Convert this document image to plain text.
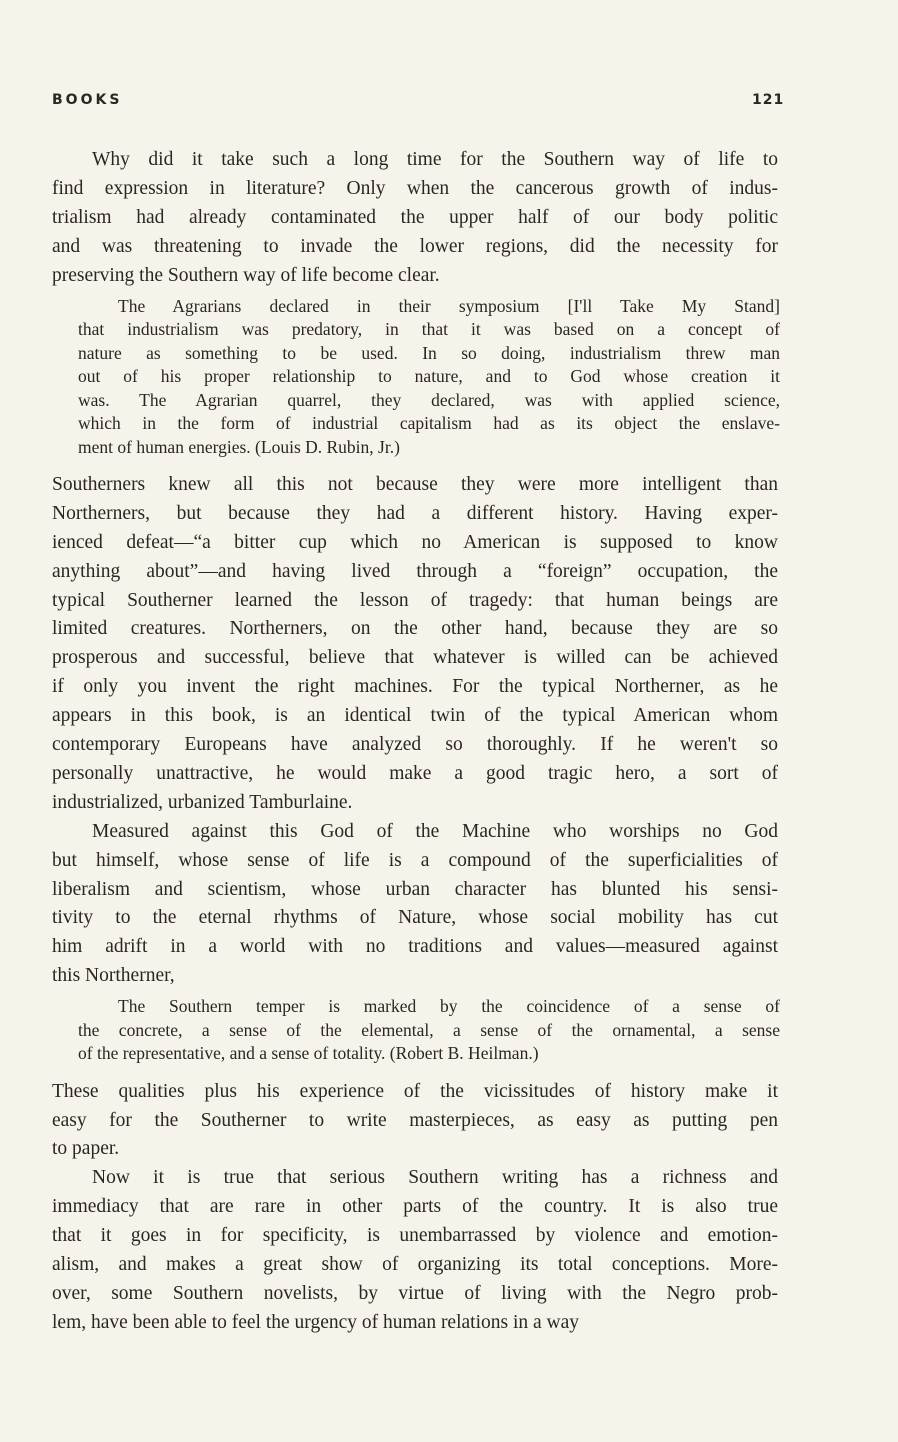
BOOKS	121
Why did it take such a long time for the Southern way of life to
find expression in literature? Only when the cancerous growth of indus-
trialism had already contaminated the upper half of our body politic
and was threatening to invade the lower regions, did the necessity for
preserving the Southern way of life become clear.
The Agrarians declared in their symposium [I'll Take My Stand]
that industrialism was predatory, in that it was based on a concept of
nature as something to be used. In so doing, industrialism threw man
out of his proper relationship to nature, and to God whose creation it
was. The Agrarian quarrel, they declared, was with applied science,
which in the form of industrial capitalism had as its object the enslave-
ment of human energies. (Louis D. Rubin, Jr.)
Southerners knew all this not because they were more intelligent than
Northerners, but because they had a different history. Having exper-
ienced defeat—“a bitter cup which no American is supposed to know
anything about”—and having lived through a “foreign” occupation, the
typical Southerner learned the lesson of tragedy: that human beings are
limited creatures. Northerners, on the other hand, because they are so
prosperous and successful, believe that whatever is willed can be achieved
if only you invent the right machines. For the typical Northerner, as he
appears in this book, is an identical twin of the typical American whom
contemporary Europeans have analyzed so thoroughly. If he weren't so
personally unattractive, he would make a good tragic hero, a sort of
industrialized, urbanized Tamburlaine.
Measured against this God of the Machine who worships no God
but himself, whose sense of life is a compound of the superficialities of
liberalism and scientism, whose urban character has blunted his sensi-
tivity to the eternal rhythms of Nature, whose social mobility has cut
him adrift in a world with no traditions and values—measured against
this Northerner,
The Southern temper is marked by the coincidence of a sense of
the concrete, a sense of the elemental, a sense of the ornamental, a sense
of the representative, and a sense of totality. (Robert B. Heilman.)
These qualities plus his experience of the vicissitudes of history make it
easy for the Southerner to write masterpieces, as easy as putting pen
to paper.
Now it is true that serious Southern writing has a richness and
immediacy that are rare in other parts of the country. It is also true
that it goes in for specificity, is unembarrassed by violence and emotion-
alism, and makes a great show of organizing its total conceptions. More-
over, some Southern novelists, by virtue of living with the Negro prob-
lem, have been able to feel the urgency of human relations in a way
